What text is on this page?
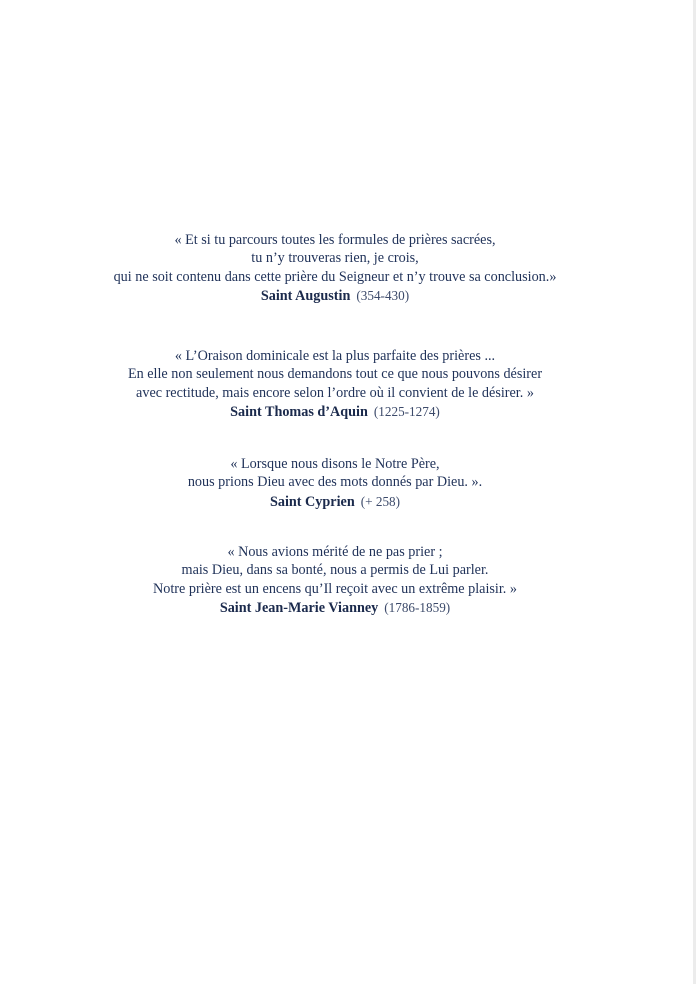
« Et si tu parcours toutes les formules de prières sacrées,
tu n’y trouveras rien, je crois,
qui ne soit contenu dans cette prière du Seigneur et n’y trouve sa conclusion.»
Saint Augustin (354-430)
« L’Oraison dominicale est la plus parfaite des prières ...
En elle non seulement nous demandons tout ce que nous pouvons désirer
avec rectitude, mais encore selon l’ordre où il convient de le désirer. »
Saint Thomas d’Aquin (1225-1274)
« Lorsque nous disons le Notre Père,
nous prions Dieu avec des mots donnés par Dieu. ».
Saint Cyprien (+ 258)
« Nous avions mérité de ne pas prier ;
mais Dieu, dans sa bonté, nous a permis de Lui parler.
Notre prière est un encens qu’Il reçoit avec un extrême plaisir. »
Saint Jean-Marie Vianney (1786-1859)
